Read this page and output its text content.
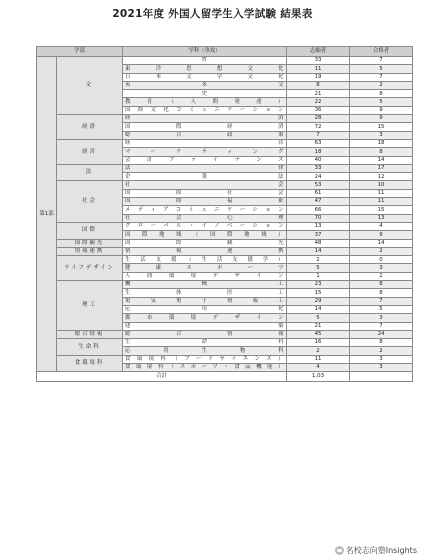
2021年度 外国人留学生入学試験 結果表
学部		学科（専攻）	志願者	合格者
第1部	文	哲	33	7
		東洋思想文化	11	5
		日本文学文化	19	7
		英米文	8	2
		史	21	8
		教育（人間発達）	22	5
		国際文化コミュニケーション	36	9
	経済	経済	28	9
		国際経済	72	15
		総合政策	7	3
	経営	経営	63	18
		マーケティング	18	8
		会計ファイナンス	40	14
	法	法律	33	17
		企業法	24	12
	社会	社会	53	10
		国際社会	61	11
		国際福祉	47	11
		メディアコミュニケーション	66	15
		社会心理	70	13
	国際	グローバル・イノベーション	13	4
		国際地域（国際地域）	37	9
	国際観光	国際観光	48	14
	情報連携	情報連携	14	2
	ライフデザイン	生活支援（生活支援学）	2	0
		健康スポーツ	5	3
		人間環境デザイン	1	1
	理工	機械工	23	8
		生体医工	15	8
		電気電子情報工	29	7
		応用化	14	5
		都市環境デザイン	5	3
		建築	21	7
	総合情報	総合情報	45	24
	生命科	生命科	16	8
		応用生物科	2	2
	食環境科	食環境科（フードサイエンス）	11	3
		食環境科（スポーツ・食品機能）	4	3
合計			1,03	
名校志向塾Insights
